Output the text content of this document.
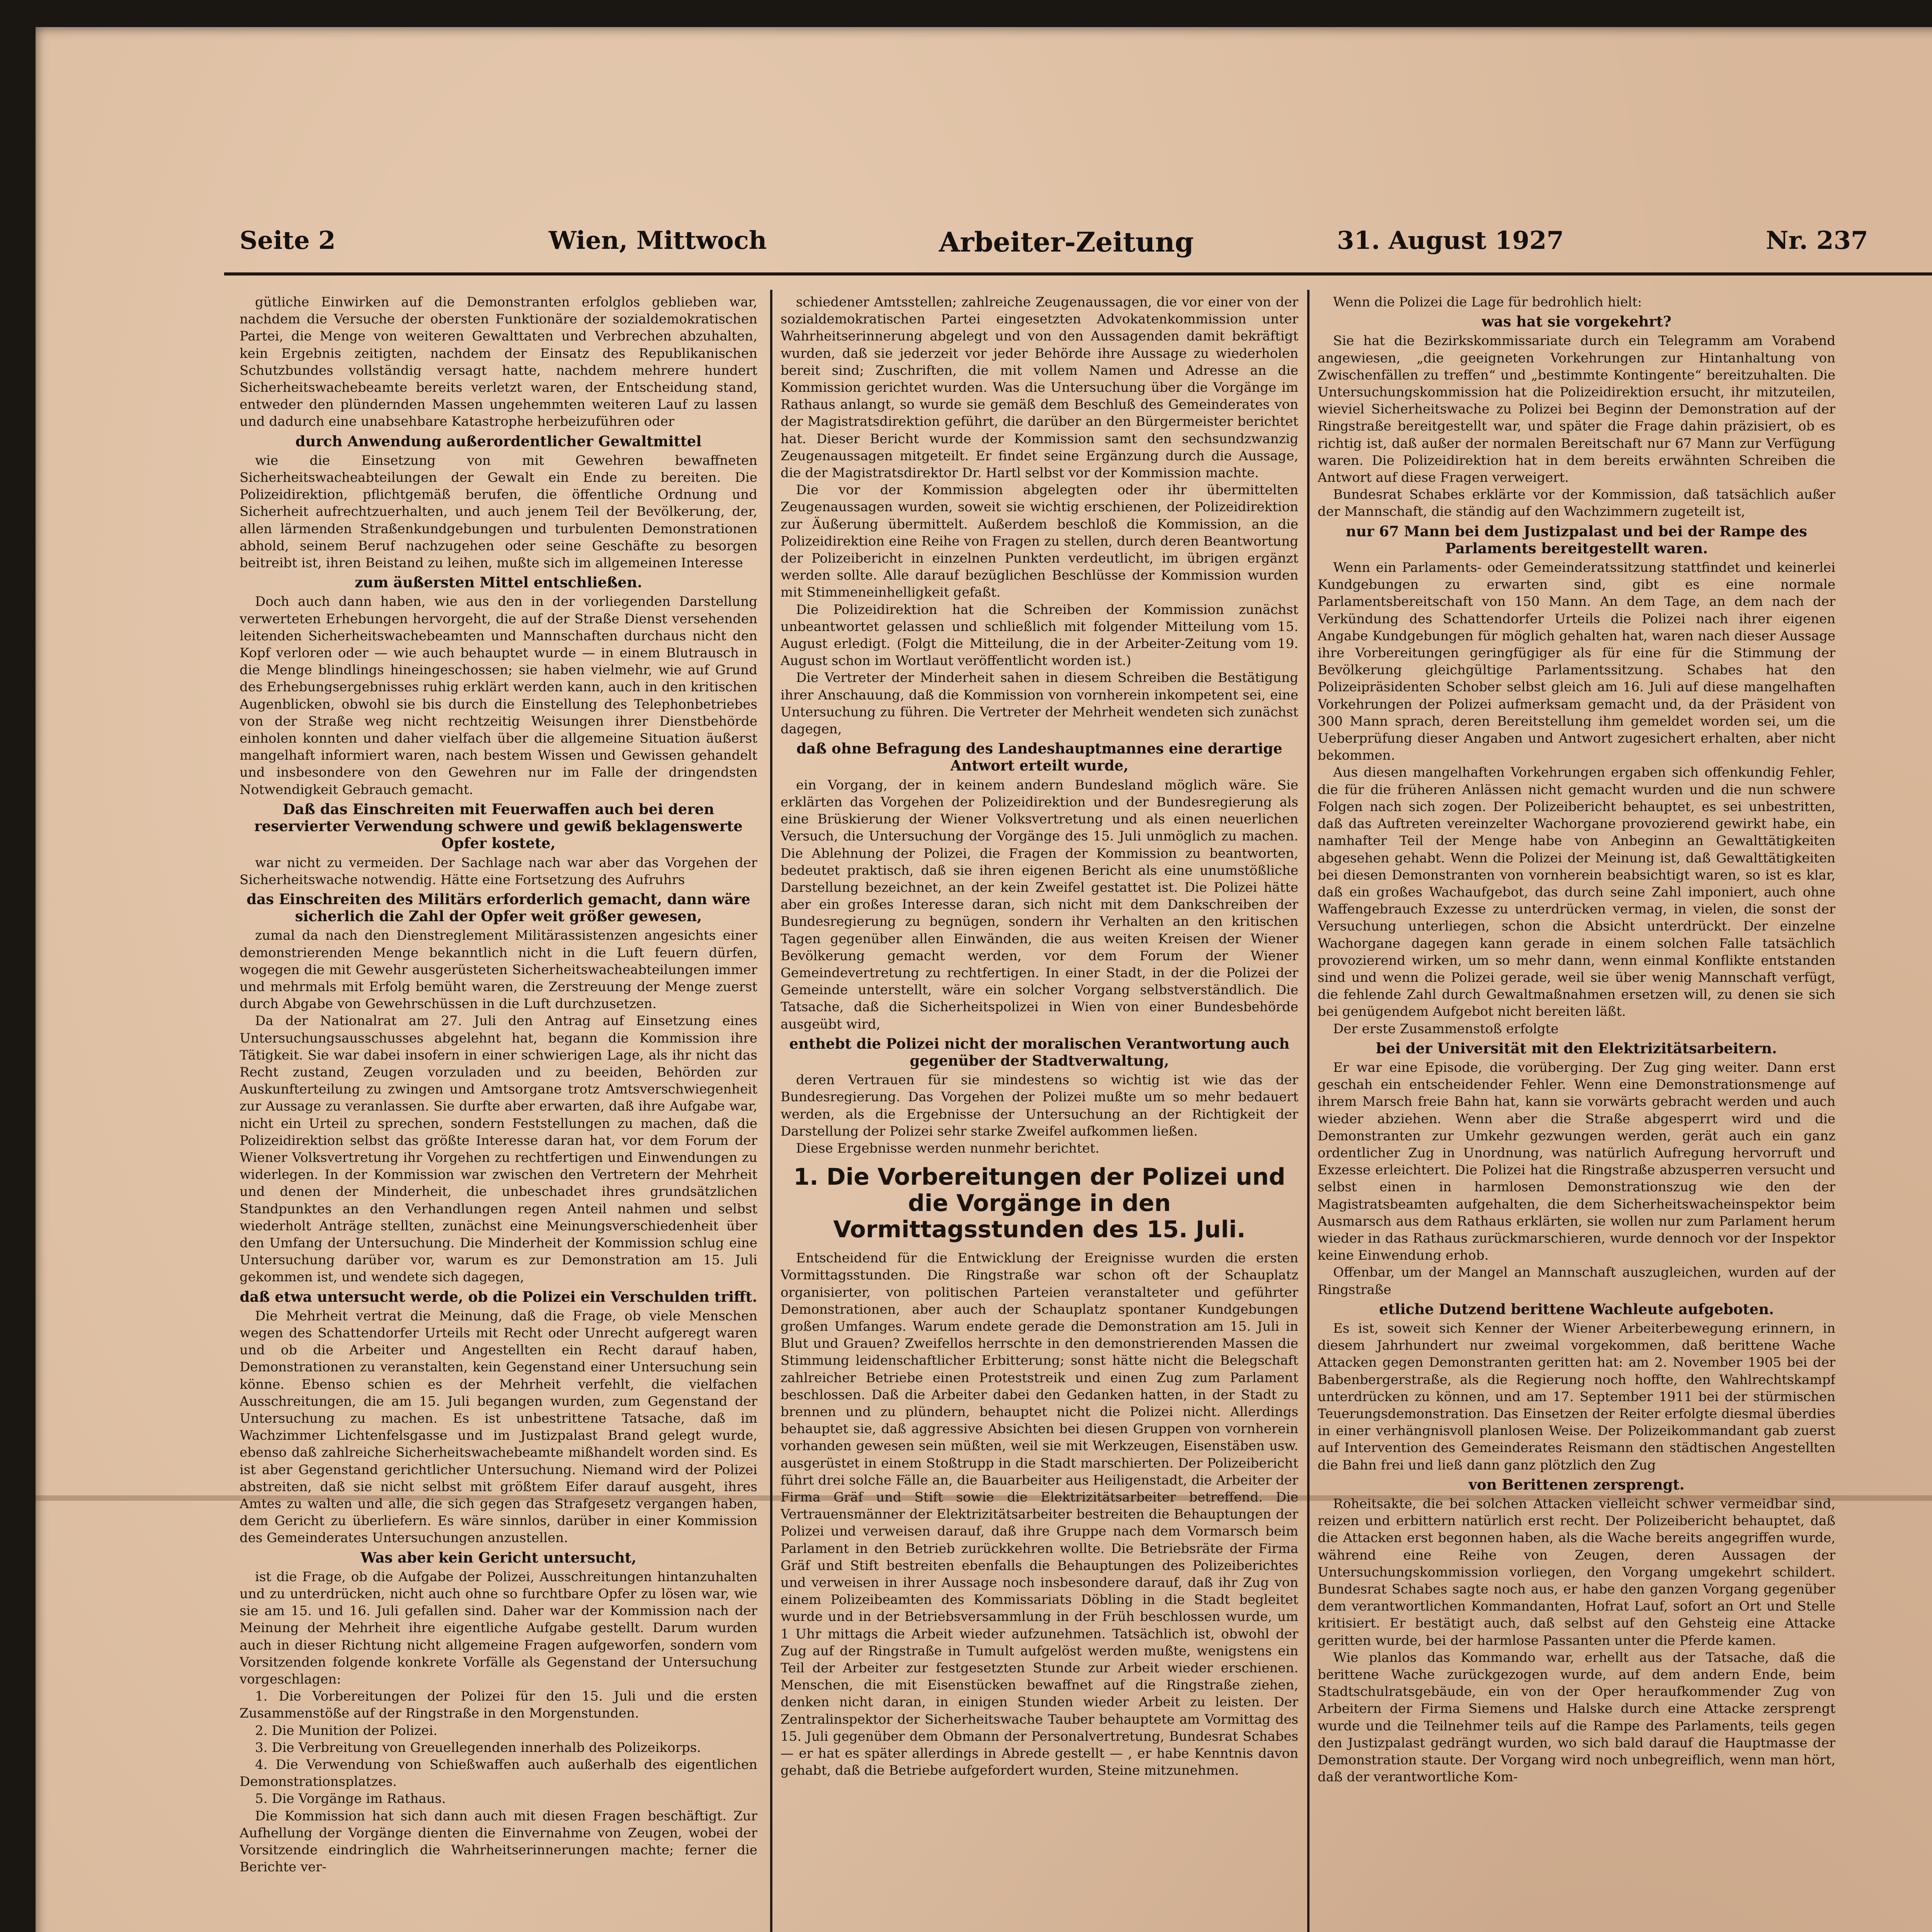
Seite 2	Wien, Mittwoch	Arbeiter-Zeitung	31. August 1927	Nr. 237

gütliche Einwirken auf die Demonstranten erfolglos geblieben war, nachdem die Versuche der obersten Funktionäre der sozialdemokratischen Partei, die Menge von weiteren Gewalttaten und Verbrechen abzuhalten, kein Ergebnis zeitigten, nachdem der Einsatz des Republikanischen Schutzbundes vollständig versagt hatte, nachdem mehrere hundert Sicherheitswachebeamte bereits verletzt waren, der Entscheidung stand, entweder den plündernden Massen ungehemmten weiteren Lauf zu lassen und dadurch eine unabsehbare Katastrophe herbeizuführen oder

durch Anwendung außerordentlicher Gewaltmittel

wie die Einsetzung von mit Gewehren bewaffneten Sicherheitswacheabteilungen der Gewalt ein Ende zu bereiten. Die Polizeidirektion, pflichtgemäß berufen, die öffentliche Ordnung und Sicherheit aufrechtzuerhalten, und auch jenem Teil der Bevölkerung, der, allen lärmenden Straßenkundgebungen und turbulenten Demonstrationen abhold, seinem Beruf nachzugehen oder seine Geschäfte zu besorgen beitreibt ist, ihren Beistand zu leihen, mußte sich im allgemeinen Interesse

zum äußersten Mittel entschließen.

Doch auch dann haben, wie aus den in der vorliegenden Darstellung verwerteten Erhebungen hervorgeht, die auf der Straße Dienst versehenden leitenden Sicherheitswachebeamten und Mannschaften durchaus nicht den Kopf verloren oder — wie auch behauptet wurde — in einem Blutrausch in die Menge blindlings hineingeschossen; sie haben vielmehr, wie auf Grund des Erhebungsergebnisses ruhig erklärt werden kann, auch in den kritischen Augenblicken, obwohl sie bis durch die Einstellung des Telephonbetriebes von der Straße weg nicht rechtzeitig Weisungen ihrer Dienstbehörde einholen konnten und daher vielfach über die allgemeine Situation äußerst mangelhaft informiert waren, nach bestem Wissen und Gewissen gehandelt und insbesondere von den Gewehren nur im Falle der dringendsten Notwendigkeit Gebrauch gemacht.

Daß das Einschreiten mit Feuerwaffen auch bei deren reservierter Verwendung schwere und gewiß beklagenswerte Opfer kostete,

war nicht zu vermeiden. Der Sachlage nach war aber das Vorgehen der Sicherheitswache notwendig. Hätte eine Fortsetzung des Aufruhrs

das Einschreiten des Militärs erforderlich gemacht, dann wäre sicherlich die Zahl der Opfer weit größer gewesen,

zumal da nach den Dienstreglement Militärassistenzen angesichts einer demonstrierenden Menge bekanntlich nicht in die Luft feuern dürfen, wogegen die mit Gewehr ausgerüsteten Sicherheitswacheabteilungen immer und mehrmals mit Erfolg bemüht waren, die Zerstreuung der Menge zuerst durch Abgabe von Gewehrschüssen in die Luft durchzusetzen.

Da der Nationalrat am 27. Juli den Antrag auf Einsetzung eines Untersuchungsausschusses abgelehnt hat, begann die Kommission ihre Tätigkeit. Sie war dabei insofern in einer schwierigen Lage, als ihr nicht das Recht zustand, Zeugen vorzuladen und zu beeiden, Behörden zur Auskunfterteilung zu zwingen und Amtsorgane trotz Amtsverschwiegenheit zur Aussage zu veranlassen. Sie durfte aber erwarten, daß ihre Aufgabe war, nicht ein Urteil zu sprechen, sondern Feststellungen zu machen, daß die Polizeidirektion selbst das größte Interesse daran hat, vor dem Forum der Wiener Volksvertretung ihr Vorgehen zu rechtfertigen und Einwendungen zu widerlegen. In der Kommission war zwischen den Vertretern der Mehrheit und denen der Minderheit, die unbeschadet ihres grundsätzlichen Standpunktes an den Verhandlungen regen Anteil nahmen und selbst wiederholt Anträge stellten, zunächst eine Meinungsverschiedenheit über den Umfang der Untersuchung. Die Minderheit der Kommission schlug eine Untersuchung darüber vor, warum es zur Demonstration am 15. Juli gekommen ist, und wendete sich dagegen,

daß etwa untersucht werde, ob die Polizei ein Verschulden trifft.

Die Mehrheit vertrat die Meinung, daß die Frage, ob viele Menschen wegen des Schattendorfer Urteils mit Recht oder Unrecht aufgeregt waren und ob die Arbeiter und Angestellten ein Recht darauf haben, Demonstrationen zu veranstalten, kein Gegenstand einer Untersuchung sein könne. Ebenso schien es der Mehrheit verfehlt, die vielfachen Ausschreitungen, die am 15. Juli begangen wurden, zum Gegenstand der Untersuchung zu machen. Es ist unbestrittene Tatsache, daß im Wachzimmer Lichtenfelsgasse und im Justizpalast Brand gelegt wurde, ebenso daß zahlreiche Sicherheitswachebeamte mißhandelt worden sind. Es ist aber Gegenstand gerichtlicher Untersuchung. Niemand wird der Polizei abstreiten, daß sie nicht selbst mit größtem Eifer darauf ausgeht, ihres Amtes zu walten und alle, die sich gegen das Strafgesetz vergangen haben, dem Gericht zu überliefern. Es wäre sinnlos, darüber in einer Kommission des Gemeinderates Untersuchungen anzustellen.

Was aber kein Gericht untersucht,

ist die Frage, ob die Aufgabe der Polizei, Ausschreitungen hintanzuhalten und zu unterdrücken, nicht auch ohne so furchtbare Opfer zu lösen war, wie sie am 15. und 16. Juli gefallen sind. Daher war der Kommission nach der Meinung der Mehrheit ihre eigentliche Aufgabe gestellt. Darum wurden auch in dieser Richtung nicht allgemeine Fragen aufgeworfen, sondern vom Vorsitzenden folgende konkrete Vorfälle als Gegenstand der Untersuchung vorgeschlagen:

1. Die Vorbereitungen der Polizei für den 15. Juli und die ersten Zusammenstöße auf der Ringstraße in den Morgenstunden.

2. Die Munition der Polizei.

3. Die Verbreitung von Greuellegenden innerhalb des Polizeikorps.

4. Die Verwendung von Schießwaffen auch außerhalb des eigentlichen Demonstrationsplatzes.

5. Die Vorgänge im Rathaus.

Die Kommission hat sich dann auch mit diesen Fragen beschäftigt. Zur Aufhellung der Vorgänge dienten die Einvernahme von Zeugen, wobei der Vorsitzende eindringlich die Wahrheitserinnerungen machte; ferner die Berichte ver-

schiedener Amtsstellen; zahlreiche Zeugenaussagen, die vor einer von der sozialdemokratischen Partei eingesetzten Advokatenkommission unter Wahrheitserinnerung abgelegt und von den Aussagenden damit bekräftigt wurden, daß sie jederzeit vor jeder Behörde ihre Aussage zu wiederholen bereit sind; Zuschriften, die mit vollem Namen und Adresse an die Kommission gerichtet wurden. Was die Untersuchung über die Vorgänge im Rathaus anlangt, so wurde sie gemäß dem Beschluß des Gemeinderates von der Magistratsdirektion geführt, die darüber an den Bürgermeister berichtet hat. Dieser Bericht wurde der Kommission samt den sechsundzwanzig Zeugenaussagen mitgeteilt. Er findet seine Ergänzung durch die Aussage, die der Magistratsdirektor Dr. Hartl selbst vor der Kommission machte.

Die vor der Kommission abgelegten oder ihr übermittelten Zeugenaussagen wurden, soweit sie wichtig erschienen, der Polizeidirektion zur Äußerung übermittelt. Außerdem beschloß die Kommission, an die Polizeidirektion eine Reihe von Fragen zu stellen, durch deren Beantwortung der Polizeibericht in einzelnen Punkten verdeutlicht, im übrigen ergänzt werden sollte. Alle darauf bezüglichen Beschlüsse der Kommission wurden mit Stimmeneinhelligkeit gefaßt.

Die Polizeidirektion hat die Schreiben der Kommission zunächst unbeantwortet gelassen und schließlich mit folgender Mitteilung vom 15. August erledigt. (Folgt die Mitteilung, die in der Arbeiter-Zeitung vom 19. August schon im Wortlaut veröffentlicht worden ist.)

Die Vertreter der Minderheit sahen in diesem Schreiben die Bestätigung ihrer Anschauung, daß die Kommission von vornherein inkompetent sei, eine Untersuchung zu führen. Die Vertreter der Mehrheit wendeten sich zunächst dagegen,

daß ohne Befragung des Landeshauptmannes eine derartige Antwort erteilt wurde,

ein Vorgang, der in keinem andern Bundesland möglich wäre. Sie erklärten das Vorgehen der Polizeidirektion und der Bundesregierung als eine Brüskierung der Wiener Volksvertretung und als einen neuerlichen Versuch, die Untersuchung der Vorgänge des 15. Juli unmöglich zu machen. Die Ablehnung der Polizei, die Fragen der Kommission zu beantworten, bedeutet praktisch, daß sie ihren eigenen Bericht als eine unumstößliche Darstellung bezeichnet, an der kein Zweifel gestattet ist. Die Polizei hätte aber ein großes Interesse daran, sich nicht mit dem Dankschreiben der Bundesregierung zu begnügen, sondern ihr Verhalten an den kritischen Tagen gegenüber allen Einwänden, die aus weiten Kreisen der Wiener Bevölkerung gemacht werden, vor dem Forum der Wiener Gemeindevertretung zu rechtfertigen. In einer Stadt, in der die Polizei der Gemeinde unterstellt, wäre ein solcher Vorgang selbstverständlich. Die Tatsache, daß die Sicherheitspolizei in Wien von einer Bundesbehörde ausgeübt wird,

enthebt die Polizei nicht der moralischen Verantwortung auch gegenüber der Stadtverwaltung,

deren Vertrauen für sie mindestens so wichtig ist wie das der Bundesregierung. Das Vorgehen der Polizei mußte um so mehr bedauert werden, als die Ergebnisse der Untersuchung an der Richtigkeit der Darstellung der Polizei sehr starke Zweifel aufkommen ließen.

Diese Ergebnisse werden nunmehr berichtet.

1. Die Vorbereitungen der Polizei und die Vorgänge in den Vormittagsstunden des 15. Juli.

Entscheidend für die Entwicklung der Ereignisse wurden die ersten Vormittagsstunden. Die Ringstraße war schon oft der Schauplatz organisierter, von politischen Parteien veranstalteter und geführter Demonstrationen, aber auch der Schauplatz spontaner Kundgebungen großen Umfanges. Warum endete gerade die Demonstration am 15. Juli in Blut und Grauen? Zweifellos herrschte in den demonstrierenden Massen die Stimmung leidenschaftlicher Erbitterung; sonst hätte nicht die Belegschaft zahlreicher Betriebe einen Proteststreik und einen Zug zum Parlament beschlossen. Daß die Arbeiter dabei den Gedanken hatten, in der Stadt zu brennen und zu plündern, behauptet nicht die Polizei nicht. Allerdings behauptet sie, daß aggressive Absichten bei diesen Gruppen von vornherein vorhanden gewesen sein müßten, weil sie mit Werkzeugen, Eisenstäben usw. ausgerüstet in einem Stoßtrupp in die Stadt marschierten. Der Polizeibericht führt drei solche Fälle an, die Bauarbeiter aus Heiligenstadt, die Arbeiter der Firma Gräf und Stift sowie die Elektrizitätsarbeiter betreffend. Die Vertrauensmänner der Elektrizitätsarbeiter bestreiten die Behauptungen der Polizei und verweisen darauf, daß ihre Gruppe nach dem Vormarsch beim Parlament in den Betrieb zurückkehren wollte. Die Betriebsräte der Firma Gräf und Stift bestreiten ebenfalls die Behauptungen des Polizeiberichtes und verweisen in ihrer Aussage noch insbesondere darauf, daß ihr Zug von einem Polizeibeamten des Kommissariats Döbling in die Stadt begleitet wurde und in der Betriebsversammlung in der Früh beschlossen wurde, um 1 Uhr mittags die Arbeit wieder aufzunehmen. Tatsächlich ist, obwohl der Zug auf der Ringstraße in Tumult aufgelöst werden mußte, wenigstens ein Teil der Arbeiter zur festgesetzten Stunde zur Arbeit wieder erschienen. Menschen, die mit Eisenstücken bewaffnet auf die Ringstraße ziehen, denken nicht daran, in einigen Stunden wieder Arbeit zu leisten. Der Zentralinspektor der Sicherheitswache Tauber behauptete am Vormittag des 15. Juli gegenüber dem Obmann der Personalvertretung, Bundesrat Schabes — er hat es später allerdings in Abrede gestellt — , er habe Kenntnis davon gehabt, daß die Betriebe aufgefordert wurden, Steine mitzunehmen.

Wenn die Polizei die Lage für bedrohlich hielt:

was hat sie vorgekehrt?

Sie hat die Bezirkskommissariate durch ein Telegramm am Vorabend angewiesen, „die geeigneten Vorkehrungen zur Hintanhaltung von Zwischenfällen zu treffen“ und „bestimmte Kontingente“ bereitzuhalten. Die Untersuchungskommission hat die Polizeidirektion ersucht, ihr mitzuteilen, wieviel Sicherheitswache zu Polizei bei Beginn der Demonstration auf der Ringstraße bereitgestellt war, und später die Frage dahin präzisiert, ob es richtig ist, daß außer der normalen Bereitschaft nur 67 Mann zur Verfügung waren. Die Polizeidirektion hat in dem bereits erwähnten Schreiben die Antwort auf diese Fragen verweigert.

Bundesrat Schabes erklärte vor der Kommission, daß tatsächlich außer der Mannschaft, die ständig auf den Wachzimmern zugeteilt ist,

nur 67 Mann bei dem Justizpalast und bei der Rampe des Parlaments bereitgestellt waren.

Wenn ein Parlaments- oder Gemeinderatssitzung stattfindet und keinerlei Kundgebungen zu erwarten sind, gibt es eine normale Parlamentsbereitschaft von 150 Mann. An dem Tage, an dem nach der Verkündung des Schattendorfer Urteils die Polizei nach ihrer eigenen Angabe Kundgebungen für möglich gehalten hat, waren nach dieser Aussage ihre Vorbereitungen geringfügiger als für eine für die Stimmung der Bevölkerung gleichgültige Parlamentssitzung. Schabes hat den Polizeipräsidenten Schober selbst gleich am 16. Juli auf diese mangelhaften Vorkehrungen der Polizei aufmerksam gemacht und, da der Präsident von 300 Mann sprach, deren Bereitstellung ihm gemeldet worden sei, um die Ueberprüfung dieser Angaben und Antwort zugesichert erhalten, aber nicht bekommen.

Aus diesen mangelhaften Vorkehrungen ergaben sich offenkundig Fehler, die für die früheren Anlässen nicht gemacht wurden und die nun schwere Folgen nach sich zogen. Der Polizeibericht behauptet, es sei unbestritten, daß das Auftreten vereinzelter Wachorgane provozierend gewirkt habe, ein namhafter Teil der Menge habe von Anbeginn an Gewalttätigkeiten abgesehen gehabt. Wenn die Polizei der Meinung ist, daß Gewalttätigkeiten bei diesen Demonstranten von vornherein beabsichtigt waren, so ist es klar, daß ein großes Wachaufgebot, das durch seine Zahl imponiert, auch ohne Waffengebrauch Exzesse zu unterdrücken vermag, in vielen, die sonst der Versuchung unterliegen, schon die Absicht unterdrückt. Der einzelne Wachorgane dagegen kann gerade in einem solchen Falle tatsächlich provozierend wirken, um so mehr dann, wenn einmal Konflikte entstanden sind und wenn die Polizei gerade, weil sie über wenig Mannschaft verfügt, die fehlende Zahl durch Gewaltmaßnahmen ersetzen will, zu denen sie sich bei genügendem Aufgebot nicht bereiten läßt.

Der erste Zusammenstoß erfolgte

bei der Universität mit den Elektrizitätsarbeitern.

Er war eine Episode, die vorüberging. Der Zug ging weiter. Dann erst geschah ein entscheidender Fehler. Wenn eine Demonstrationsmenge auf ihrem Marsch freie Bahn hat, kann sie vorwärts gebracht werden und auch wieder abziehen. Wenn aber die Straße abgesperrt wird und die Demonstranten zur Umkehr gezwungen werden, gerät auch ein ganz ordentlicher Zug in Unordnung, was natürlich Aufregung hervorruft und Exzesse erleichtert. Die Polizei hat die Ringstraße abzusperren versucht und selbst einen in harmlosen Demonstrationszug wie den der Magistratsbeamten aufgehalten, die dem Sicherheitswacheinspektor beim Ausmarsch aus dem Rathaus erklärten, sie wollen nur zum Parlament herum wieder in das Rathaus zurückmarschieren, wurde dennoch vor der Inspektor keine Einwendung erhob.

Offenbar, um der Mangel an Mannschaft auszugleichen, wurden auf der Ringstraße

etliche Dutzend berittene Wachleute aufgeboten.

Es ist, soweit sich Kenner der Wiener Arbeiterbewegung erinnern, in diesem Jahrhundert nur zweimal vorgekommen, daß berittene Wache Attacken gegen Demonstranten geritten hat: am 2. November 1905 bei der Babenbergerstraße, als die Regierung noch hoffte, den Wahlrechtskampf unterdrücken zu können, und am 17. September 1911 bei der stürmischen Teuerungsdemonstration. Das Einsetzen der Reiter erfolgte diesmal überdies in einer verhängnisvoll planlosen Weise. Der Polizeikommandant gab zuerst auf Intervention des Gemeinderates Reismann den städtischen Angestellten die Bahn frei und ließ dann ganz plötzlich den Zug

von Berittenen zersprengt.

Roheitsakte, die bei solchen Attacken vielleicht schwer vermeidbar sind, reizen und erbittern natürlich erst recht. Der Polizeibericht behauptet, daß die Attacken erst begonnen haben, als die Wache bereits angegriffen wurde, während eine Reihe von Zeugen, deren Aussagen der Untersuchungskommission vorliegen, den Vorgang umgekehrt schildert. Bundesrat Schabes sagte noch aus, er habe den ganzen Vorgang gegenüber dem verantwortlichen Kommandanten, Hofrat Lauf, sofort an Ort und Stelle kritisiert. Er bestätigt auch, daß selbst auf den Gehsteig eine Attacke geritten wurde, bei der harmlose Passanten unter die Pferde kamen.

Wie planlos das Kommando war, erhellt aus der Tatsache, daß die berittene Wache zurückgezogen wurde, auf dem andern Ende, beim Stadtschulratsgebäude, ein von der Oper heraufkommender Zug von Arbeitern der Firma Siemens und Halske durch eine Attacke zersprengt wurde und die Teilnehmer teils auf die Rampe des Parlaments, teils gegen den Justizpalast gedrängt wurden, wo sich bald darauf die Hauptmasse der Demonstration staute. Der Vorgang wird noch unbegreiflich, wenn man hört, daß der verantwortliche Kom-
